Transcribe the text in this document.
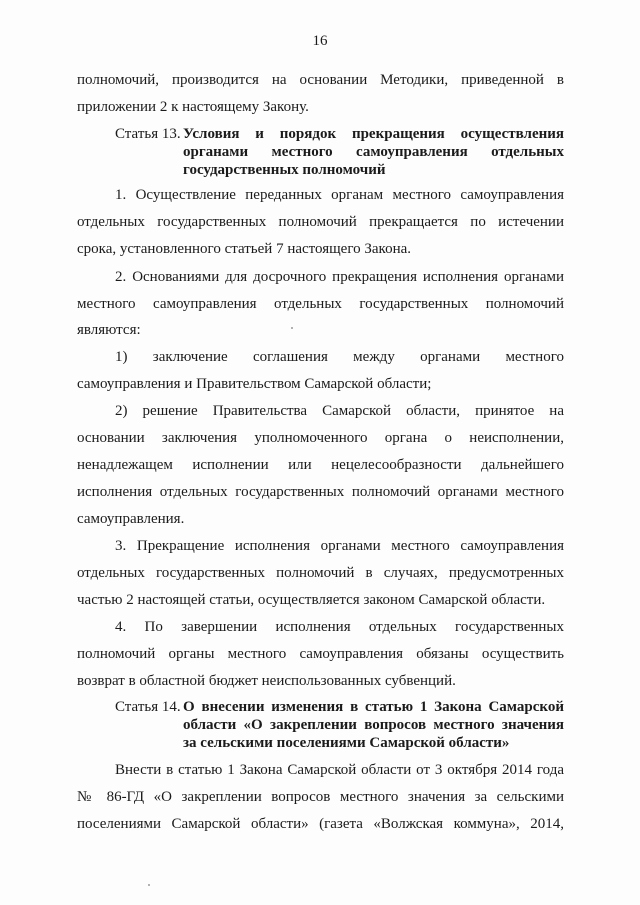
16
полномочий, производится на основании Методики, приведенной в
приложении 2 к настоящему Закону.
Статья 13. Условия и порядок прекращения осуществления
органами местного самоуправления отдельных
государственных полномочий
1. Осуществление переданных органам местного самоуправления
отдельных государственных полномочий прекращается по истечении
срока, установленного статьей 7 настоящего Закона.
2. Основаниями для досрочного прекращения исполнения органами
местного самоуправления отдельных государственных полномочий
являются:
1) заключение соглашения между органами местного
самоуправления и Правительством Самарской области;
2) решение Правительства Самарской области, принятое на
основании заключения уполномоченного органа о неисполнении,
ненадлежащем исполнении или нецелесообразности дальнейшего
исполнения отдельных государственных полномочий органами местного
самоуправления.
3. Прекращение исполнения органами местного самоуправления
отдельных государственных полномочий в случаях, предусмотренных
частью 2 настоящей статьи, осуществляется законом Самарской области.
4. По завершении исполнения отдельных государственных
полномочий органы местного самоуправления обязаны осуществить
возврат в областной бюджет неиспользованных субвенций.
Статья 14. О внесении изменения в статью 1 Закона Самарской
области «О закреплении вопросов местного значения
за сельскими поселениями Самарской области»
Внести в статью 1 Закона Самарской области от 3 октября 2014 года
№ 86-ГД «О закреплении вопросов местного значения за сельскими
поселениями Самарской области» (газета «Волжская коммуна», 2014,
